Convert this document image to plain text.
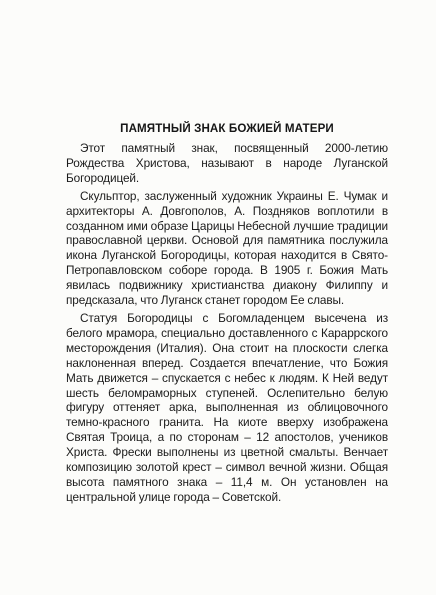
ПАМЯТНЫЙ ЗНАК БОЖИЕЙ МАТЕРИ

Этот памятный знак, посвященный 2000-летию Рождества Христова, называют в народе Луганской Богородицей.

Скульптор, заслуженный художник Украины Е. Чумак и архитекторы А. Довгополов, А. Поздняков воплотили в созданном ими образе Царицы Небесной лучшие традиции православной церкви. Основой для памятника послужила икона Луганской Богородицы, которая находится в Свято-Петропавловском соборе города. В 1905 г. Божия Мать явилась подвижнику христианства диакону Филиппу и предсказала, что Луганск станет городом Ее славы.

Статуя Богородицы с Богомладенцем высечена из белого мрамора, специально доставленного с Караррского месторождения (Италия). Она стоит на плоскости слегка наклоненная вперед. Создается впечатление, что Божия Мать движется – спускается с небес к людям. К Ней ведут шесть беломраморных ступеней. Ослепительно белую фигуру оттеняет арка, выполненная из облицовочного темно-красного гранита. На киоте вверху изображена Святая Троица, а по сторонам – 12 апостолов, учеников Христа. Фрески выполнены из цветной смальты. Венчает композицию золотой крест – символ вечной жизни. Общая высота памятного знака – 11,4 м. Он установлен на центральной улице города – Советской.
